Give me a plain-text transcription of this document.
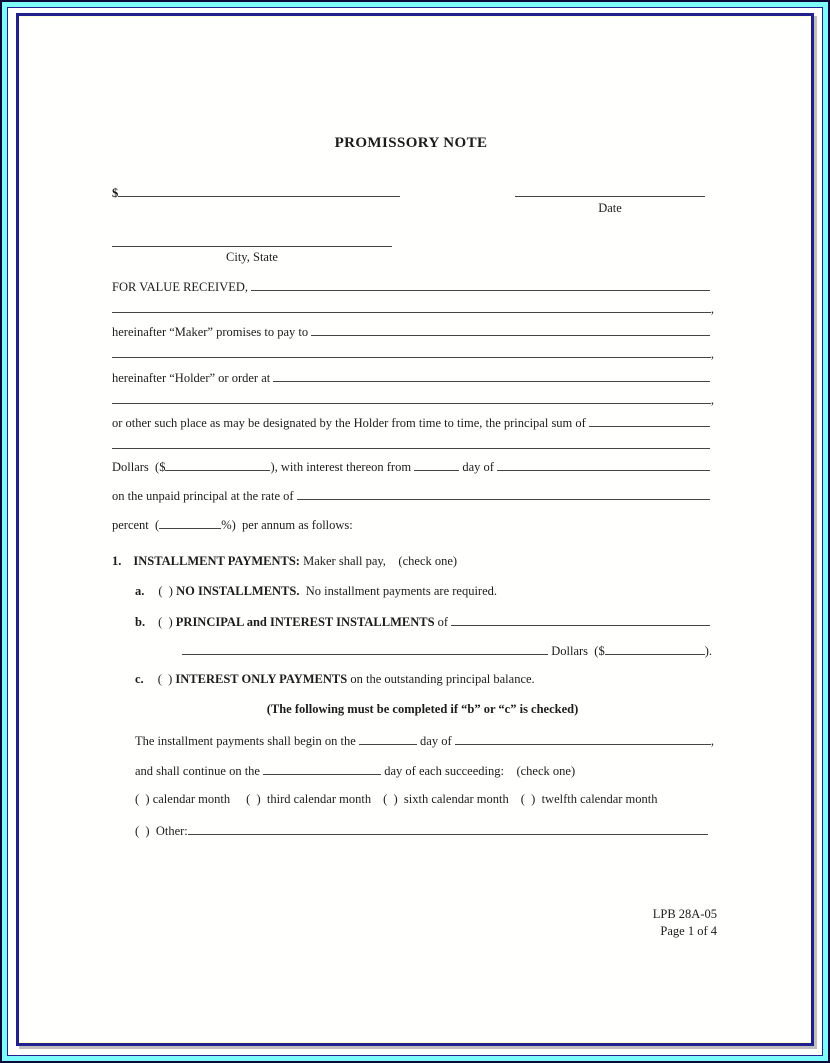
PROMISSORY NOTE
$
Date
City, State
FOR VALUE RECEIVED,
,
hereinafter “Maker” promises to pay to
,
hereinafter “Holder” or order at
,
or other such place as may be designated by the Holder from time to time, the principal sum of
Dollars  ($	), with interest thereon from	day of
on the unpaid principal at the rate of
percent  (	%)  per annum as follows:
1. INSTALLMENT PAYMENTS: Maker shall pay,    (check one)
a. (  ) NO INSTALLMENTS. No installment payments are required.
b. (  ) PRINCIPAL and INTEREST INSTALLMENTS of
Dollars  ($	).
c. (  ) INTEREST ONLY PAYMENTS on the outstanding principal balance.
(The following must be completed if “b” or “c” is checked)
The installment payments shall begin on the	day of	,
and shall continue on the	day of each succeeding:    (check one)
(  ) calendar month (  )  third calendar month (  )  sixth calendar month (  )  twelfth calendar month
(  )  Other:
LPB 28A-05
Page 1 of 4
